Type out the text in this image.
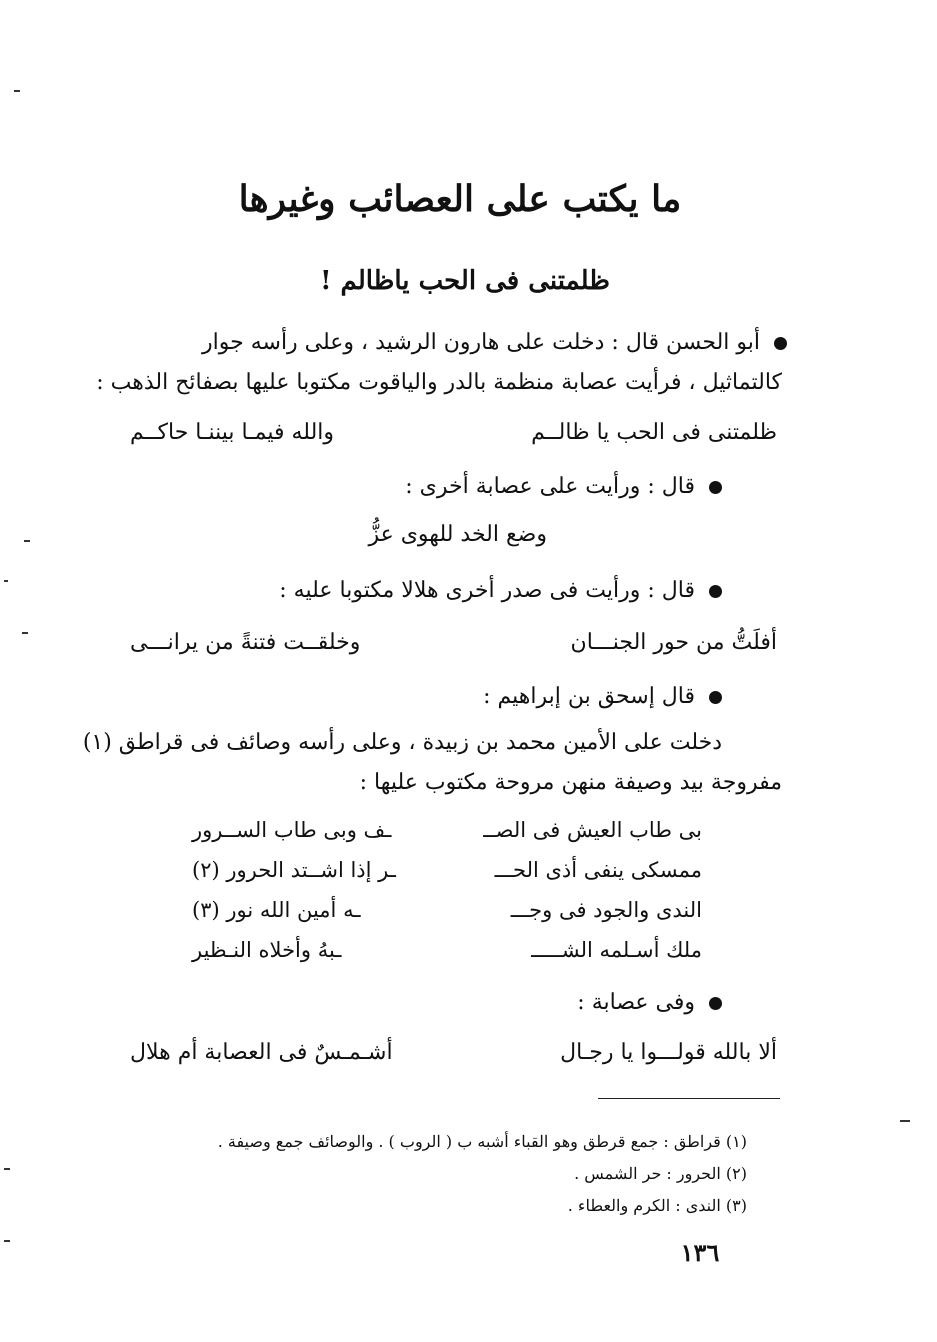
ما يكتب على العصائب وغيرها
ظلمتنى فى الحب ياظالم !
أبو الحسن قال : دخلت على هارون الرشيد ، وعلى رأسه جوار
كالتماثيل ، فرأيت عصابة منظمة بالدر والياقوت مكتوبا عليها بصفائح الذهب :
ظلمتنى فى الحب يا ظالــم
والله فيمـا بيننـا حاكــم
قال : ورأيت على عصابة أخرى :
وضع الخد للهوى عزُّ
قال : ورأيت فى صدر أخرى هلالا مكتوبا عليه :
أفلَتُّ من حور الجنـــان
وخلقــت فتنةً من يرانـــى
قال إسحق بن إبراهيم :
دخلت على الأمين محمد بن زبيدة ، وعلى رأسه وصائف فى قراطق (١)
مفروجة بيد وصيفة منهن مروحة مكتوب عليها :
بى طاب العيش فى الصــ
ـف وبى طاب الســرور
ممسكى ينفى أذى الحـــ
ـر إذا اشــتد الحرور (٢)
الندى والجود فى وجـــ
ـه أمين الله نور (٣)
ملك أسـلمه الشـــــ
ـبهُ وأخلاه النـظير
وفى عصابة :
ألا بالله قولـــوا يا رجـال
أشـمـسٌ فى العصابة أم هلال
(١) قراطق : جمع قرطق وهو القباء أشبه ب ( الروب ) . والوصائف جمع وصيفة .
(٢) الحرور : حر الشمس .
(٣) الندى : الكرم والعطاء .
١٣٦
